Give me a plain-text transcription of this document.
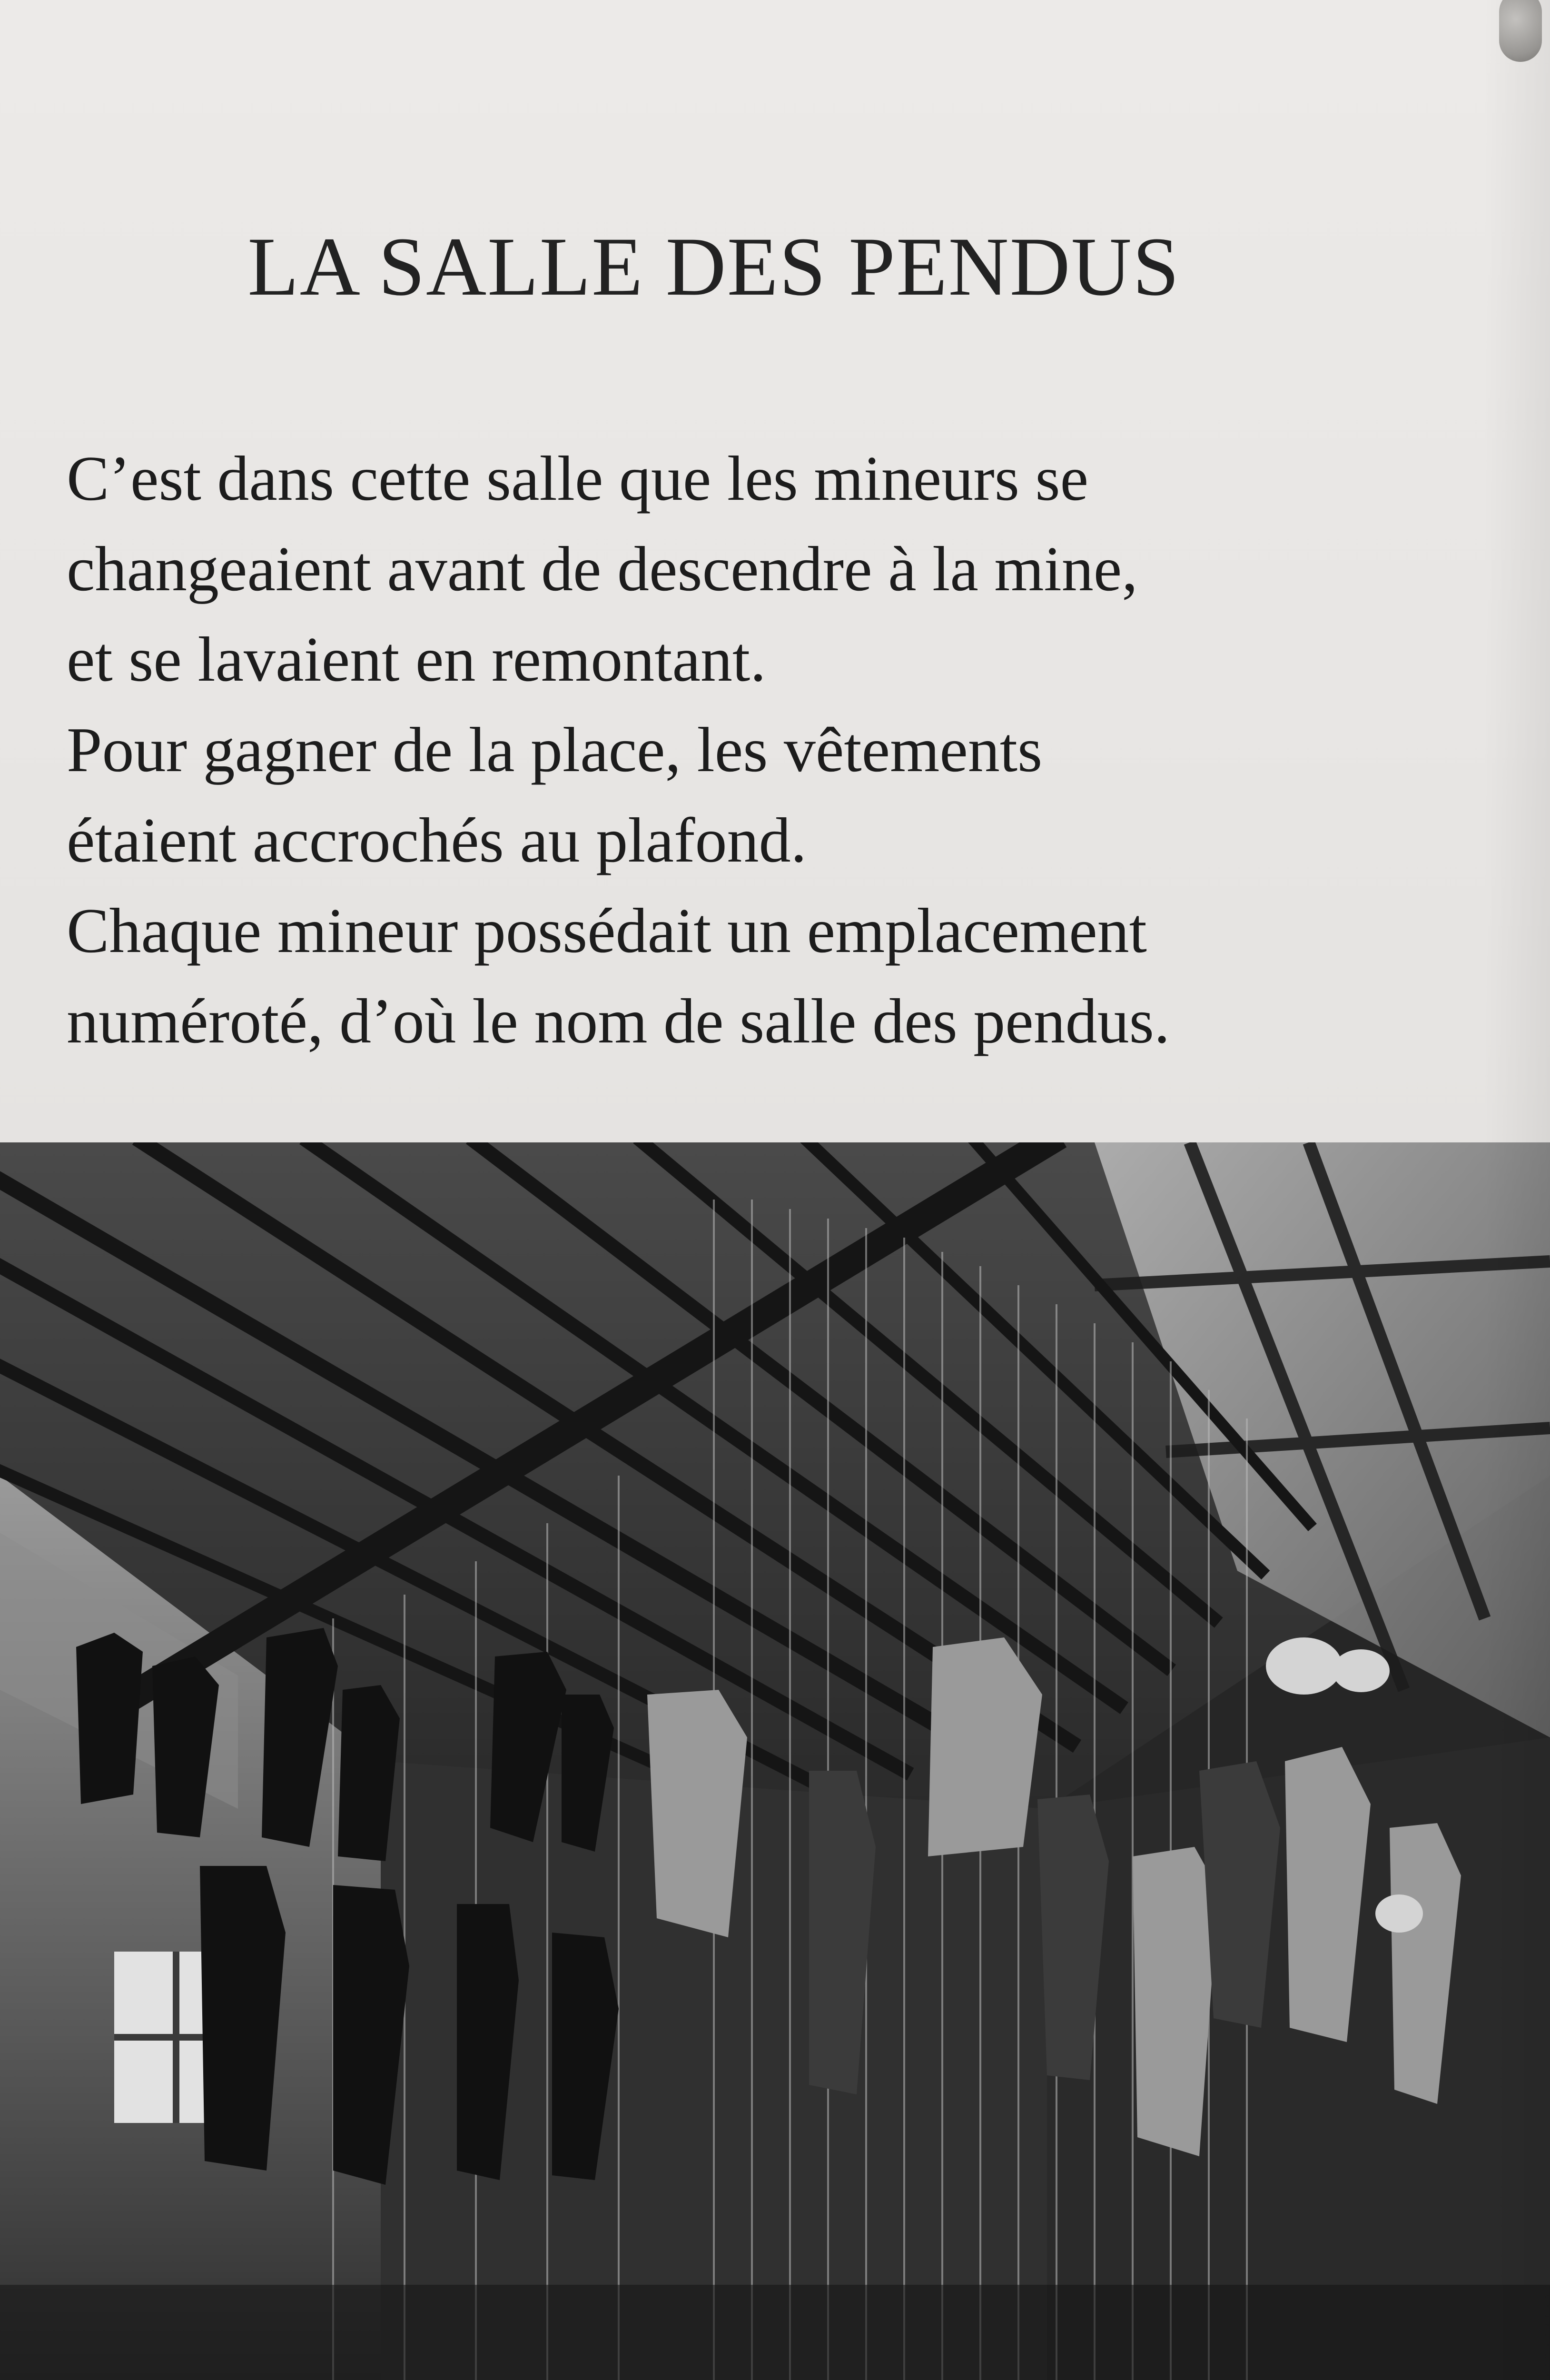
LA SALLE DES PENDUS

C’est dans cette salle que les mineurs se
changeaient avant de descendre à la mine,
et se lavaient en remontant.
Pour gagner de la place, les vêtements
étaient accrochés au plafond.
Chaque mineur possédait un emplacement
numéroté, d’où le nom de salle des pendus.
